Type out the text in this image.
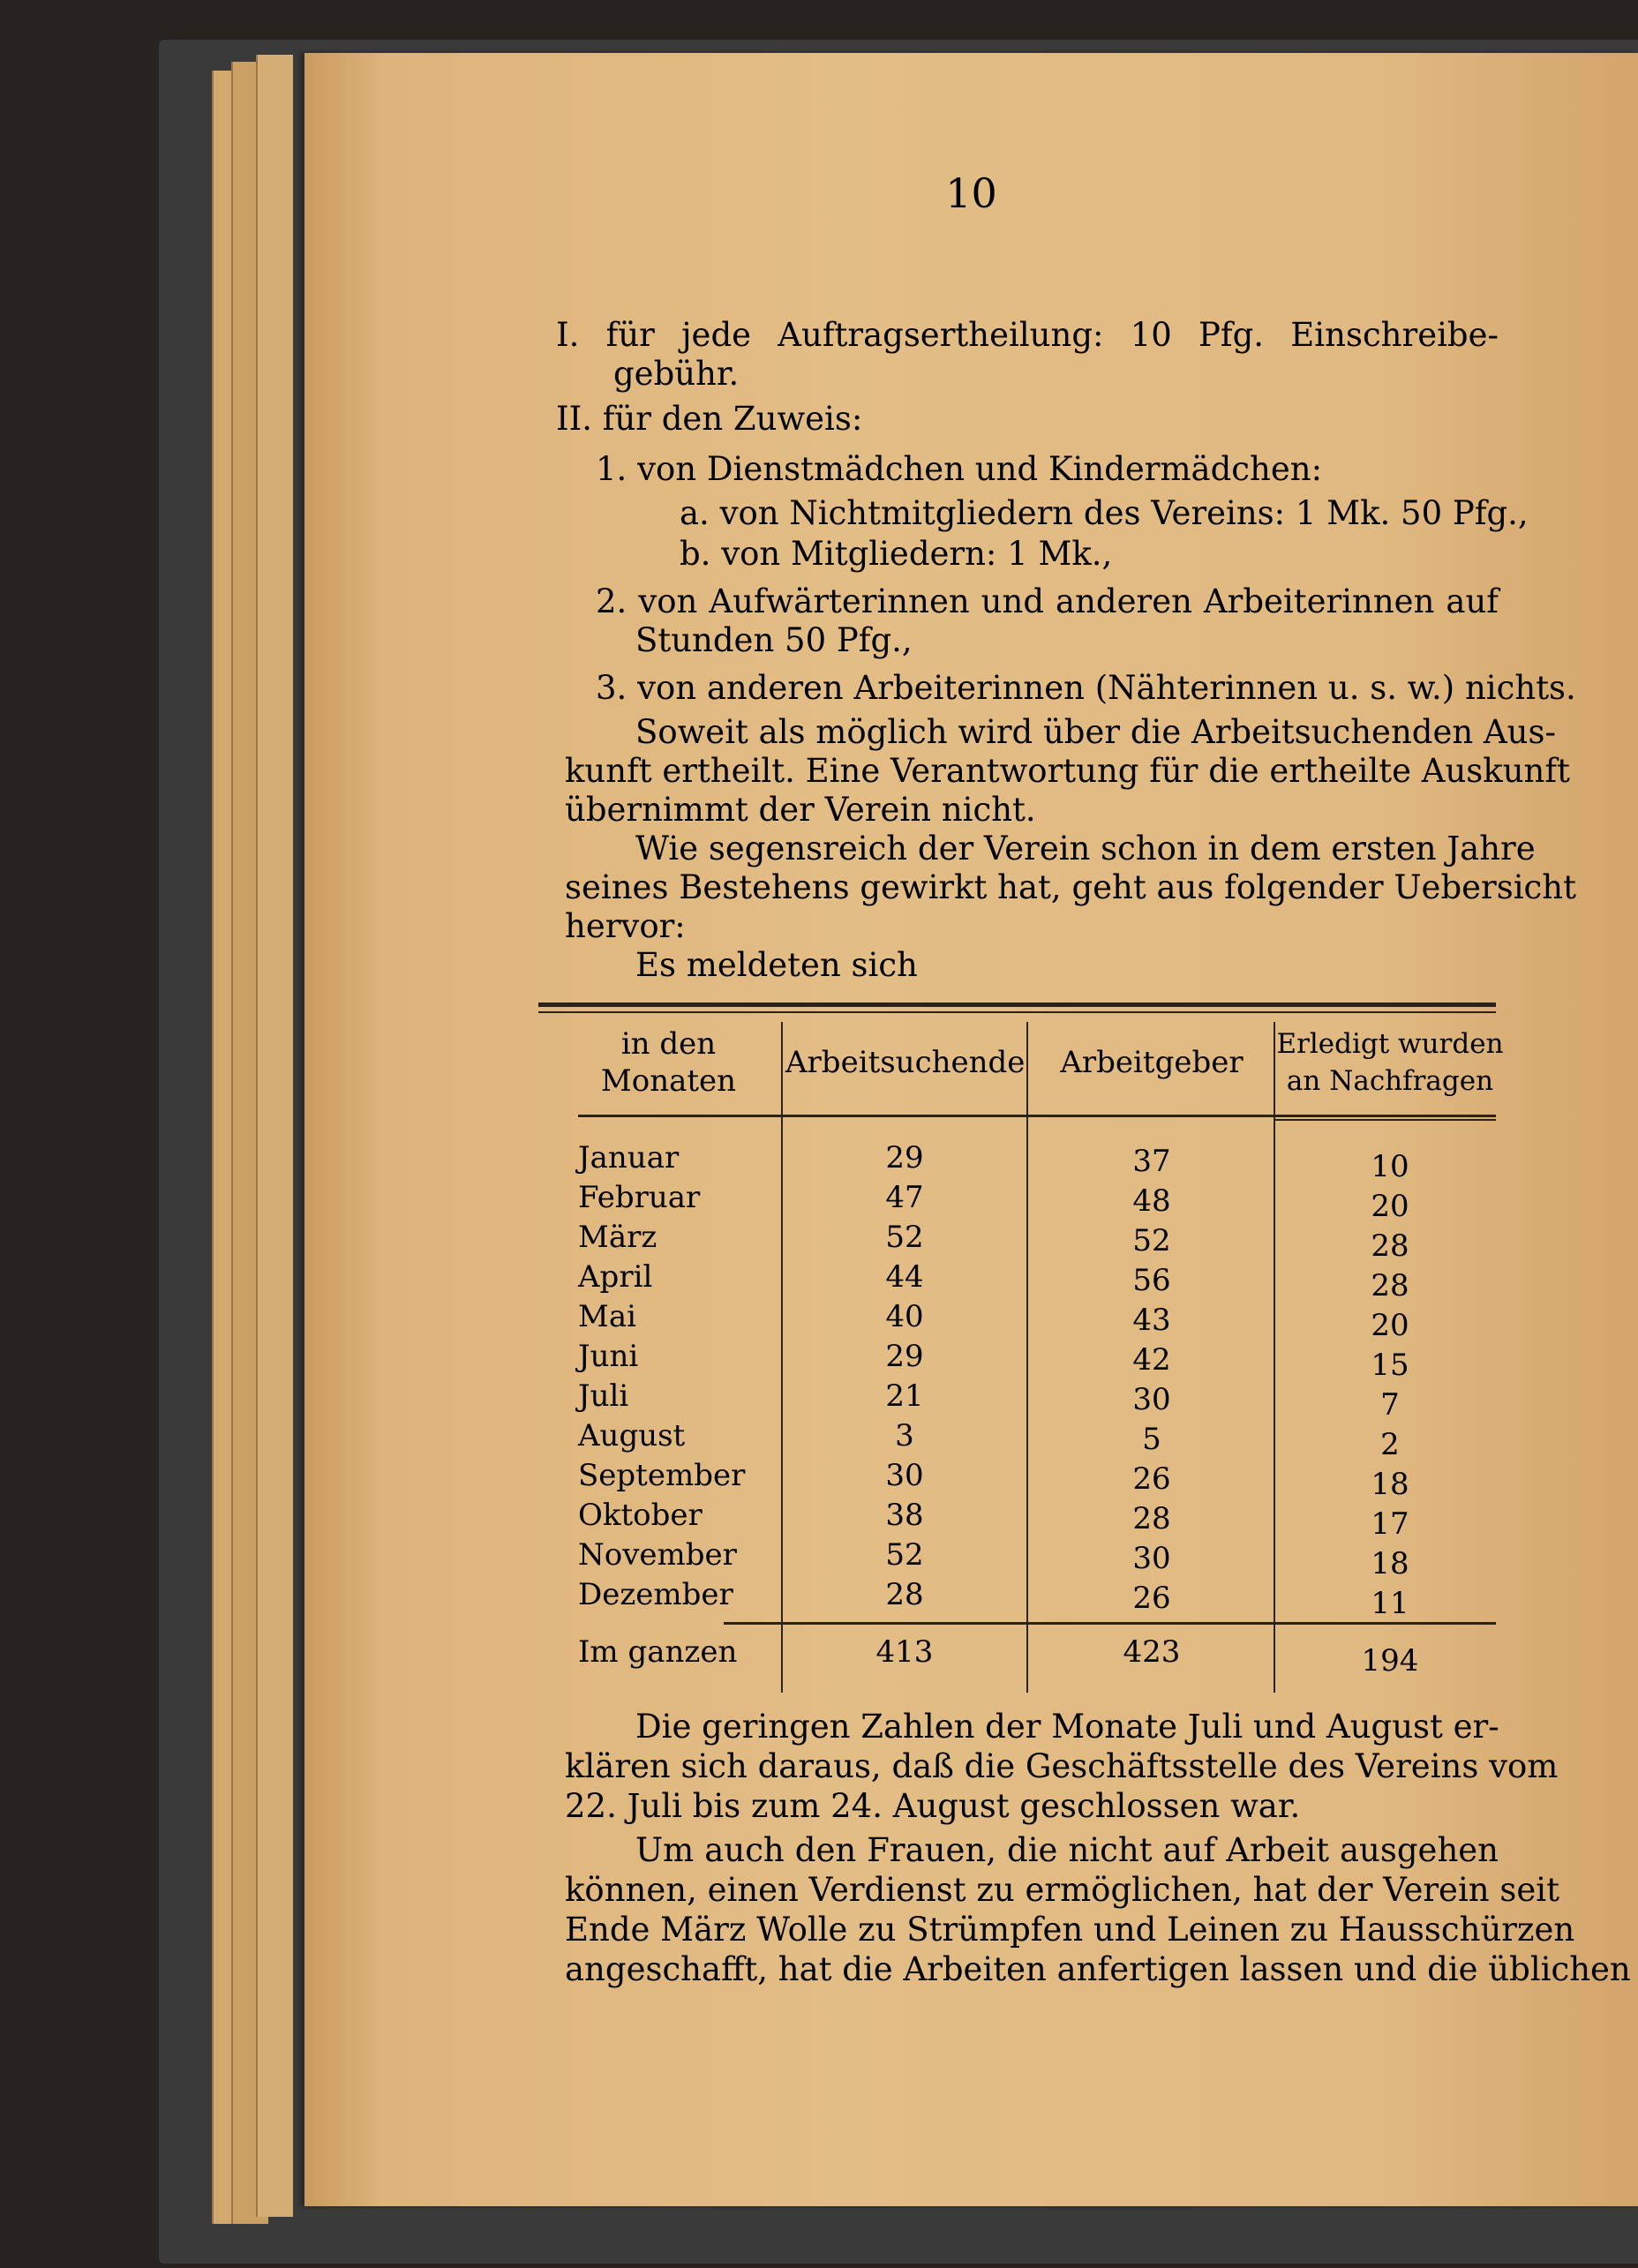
10

I. für jede Auftragsertheilung: 10 Pfg. Einschreibe-

gebühr.

II. für den Zuweis:

1. von Dienstmädchen und Kindermädchen:

a. von Nichtmitgliedern des Vereins: 1 Mk. 50 Pfg.,

b. von Mitgliedern: 1 Mk.,

2. von Aufwärterinnen und anderen Arbeiterinnen auf

Stunden 50 Pfg.,

3. von anderen Arbeiterinnen (Nähterinnen u. s. w.) nichts.

Soweit als möglich wird über die Arbeitsuchenden Aus-

kunft ertheilt. Eine Verantwortung für die ertheilte Auskunft

übernimmt der Verein nicht.

Wie segensreich der Verein schon in dem ersten Jahre

seines Bestehens gewirkt hat, geht aus folgender Uebersicht

hervor:

Es meldeten sich

in den
Monaten
Arbeitsuchende	Arbeitgeber
Erledigt wurden
an Nachfragen
Januar	29	37	10
Februar	47	48	20
März	52	52	28
April	44	56	28
Mai	40	43	20
Juni	29	42	15
Juli	21	30	7
August	3	5	2
September	30	26	18
Oktober	38	28	17
November	52	30	18
Dezember	28	26	11
Im ganzen	413	423	194

Die geringen Zahlen der Monate Juli und August er-

klären sich daraus, daß die Geschäftsstelle des Vereins vom

22. Juli bis zum 24. August geschlossen war.

Um auch den Frauen, die nicht auf Arbeit ausgehen

können, einen Verdienst zu ermöglichen, hat der Verein seit

Ende März Wolle zu Strümpfen und Leinen zu Hausschürzen

angeschafft, hat die Arbeiten anfertigen lassen und die üblichen
